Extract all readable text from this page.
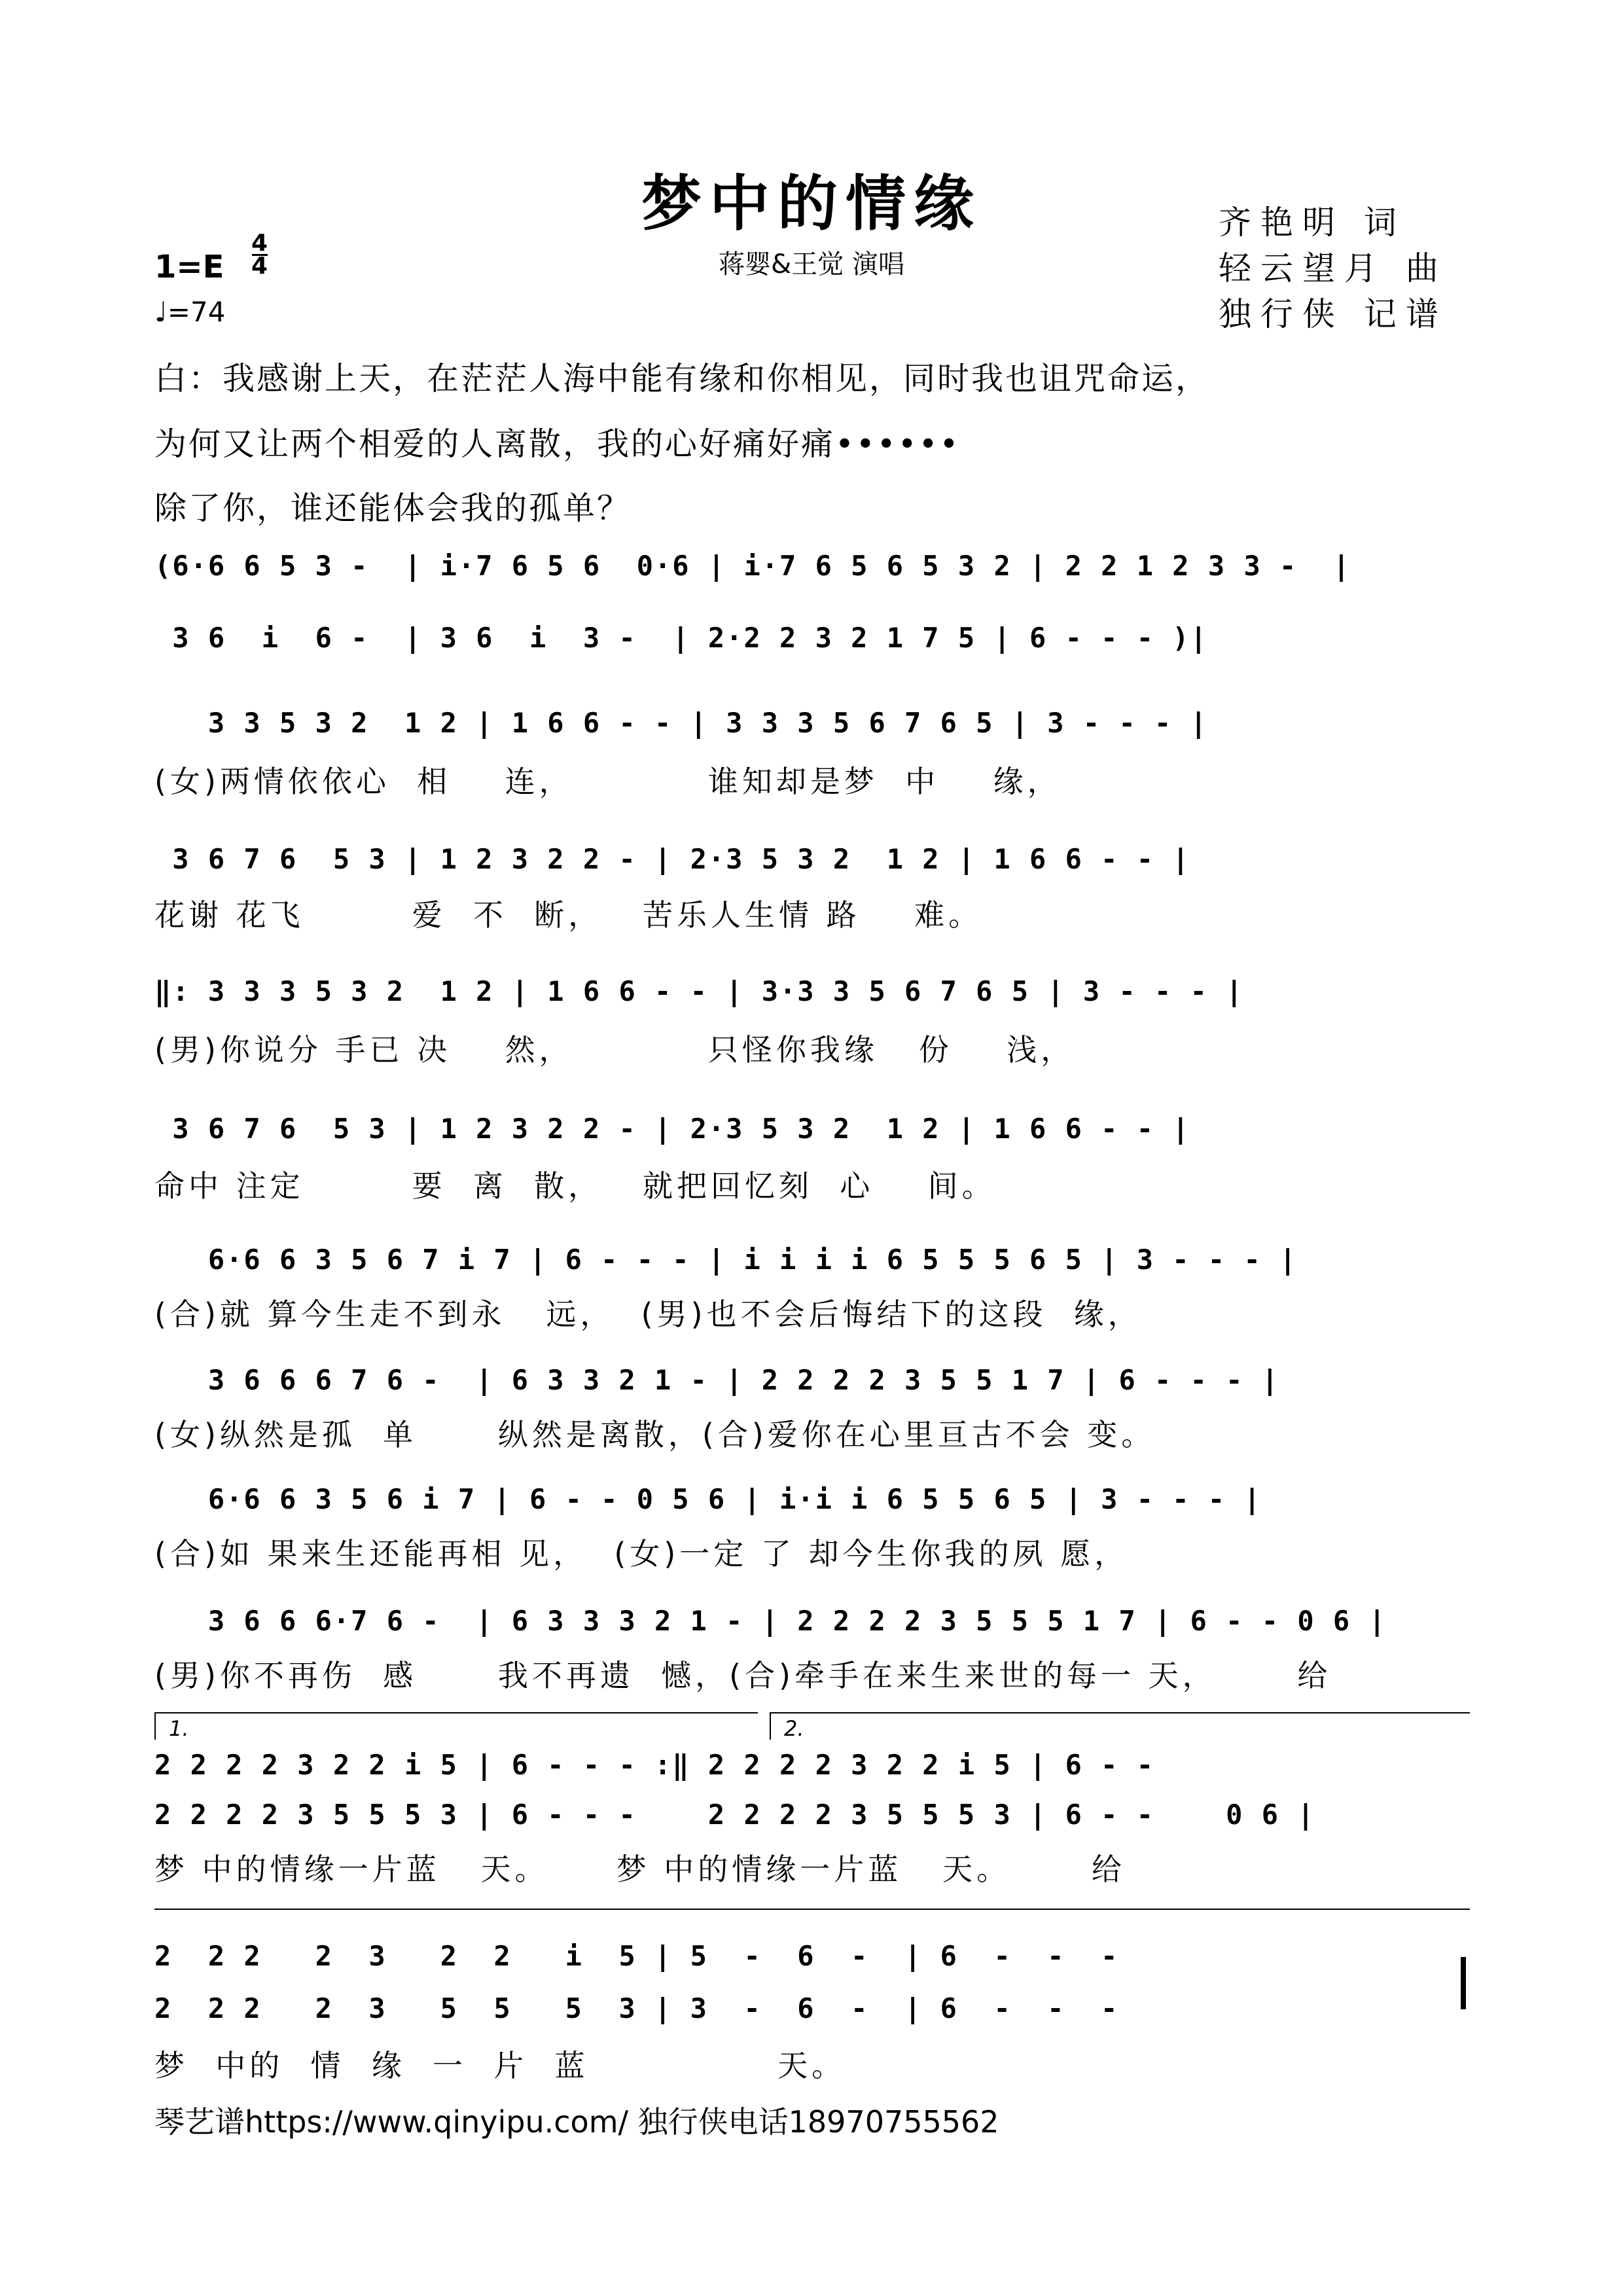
梦中的情缘
蒋婴&王觉 演唱
齐艳明 词
轻云望月 曲
独行侠 记谱
1=E
4
4
♩=74
白：我感谢上天，在茫茫人海中能有缘和你相见，同时我也诅咒命运，
为何又让两个相爱的人离散，我的心好痛好痛••••••
除了你，谁还能体会我的孤单？
(6·6 6 5 3 -  | i·7 6 5 6  0·6 | i·7 6 5 6 5 3 2 | 2 2 1 2 3 3 -  |
3 6  i  6 -  | 3 6  i  3 -  | 2·2 2 3 2 1 7 5 | 6 - - - )|
3 3 5 3 2  1 2 | 1 6 6 - - | 3 3 3 5 6 7 6 5 | 3 - - - |
(女)两情依依心  相    连，          谁知却是梦  中    缘，
3 6 7 6  5 3 | 1 2 3 2 2 - | 2·3 5 3 2  1 2 | 1 6 6 - - |
花谢 花飞        爱  不  断，   苦乐人生情 路    难。
‖: 3 3 3 5 3 2  1 2 | 1 6 6 - - | 3·3 3 5 6 7 6 5 | 3 - - - |
(男)你说分 手已 决    然，          只怪你我缘   份    浅，
3 6 7 6  5 3 | 1 2 3 2 2 - | 2·3 5 3 2  1 2 | 1 6 6 - - |
命中 注定        要  离  散，   就把回忆刻  心    间。
6·6 6 3 5 6 7 i 7 | 6 - - - | i i i i 6 5 5 5 6 5 | 3 - - - |
(合)就 算今生走不到永   远，  (男)也不会后悔结下的这段  缘，
3 6 6 6 7 6 -  | 6 3 3 2 1 - | 2 2 2 2 3 5 5 1 7 | 6 - - - |
(女)纵然是孤  单      纵然是离散，(合)爱你在心里亘古不会 变。
6·6 6 3 5 6 i 7 | 6 - - 0 5 6 | i·i i 6 5 5 6 5 | 3 - - - |
(合)如 果来生还能再相 见，  (女)一定 了 却今生你我的夙 愿，
3 6 6 6·7 6 -  | 6 3 3 3 2 1 - | 2 2 2 2 3 5 5 5 1 7 | 6 - - 0 6 |
(男)你不再伤  感      我不再遗  憾，(合)牵手在来生来世的每一 天，      给
1.	2.
2 2 2 2 3 2 2 i 5 | 6 - - - :‖ 2 2 2 2 3 2 2 i 5 | 6 - -
2 2 2 2 3 5 5 5 3 | 6 - - -    2 2 2 2 3 5 5 5 3 | 6 - -    0 6 |
梦 中的情缘一片蓝   天。     梦 中的情缘一片蓝   天。      给
2  2 2   2  3   2  2   i  5 | 5  -  6  -  | 6  -  -  -
2  2 2   2  3   5  5   5  3 | 3  -  6  -  | 6  -  -  -
梦  中的  情  缘  一  片  蓝              天。
琴艺谱https://www.qinyipu.com/ 独行侠电话18970755562
